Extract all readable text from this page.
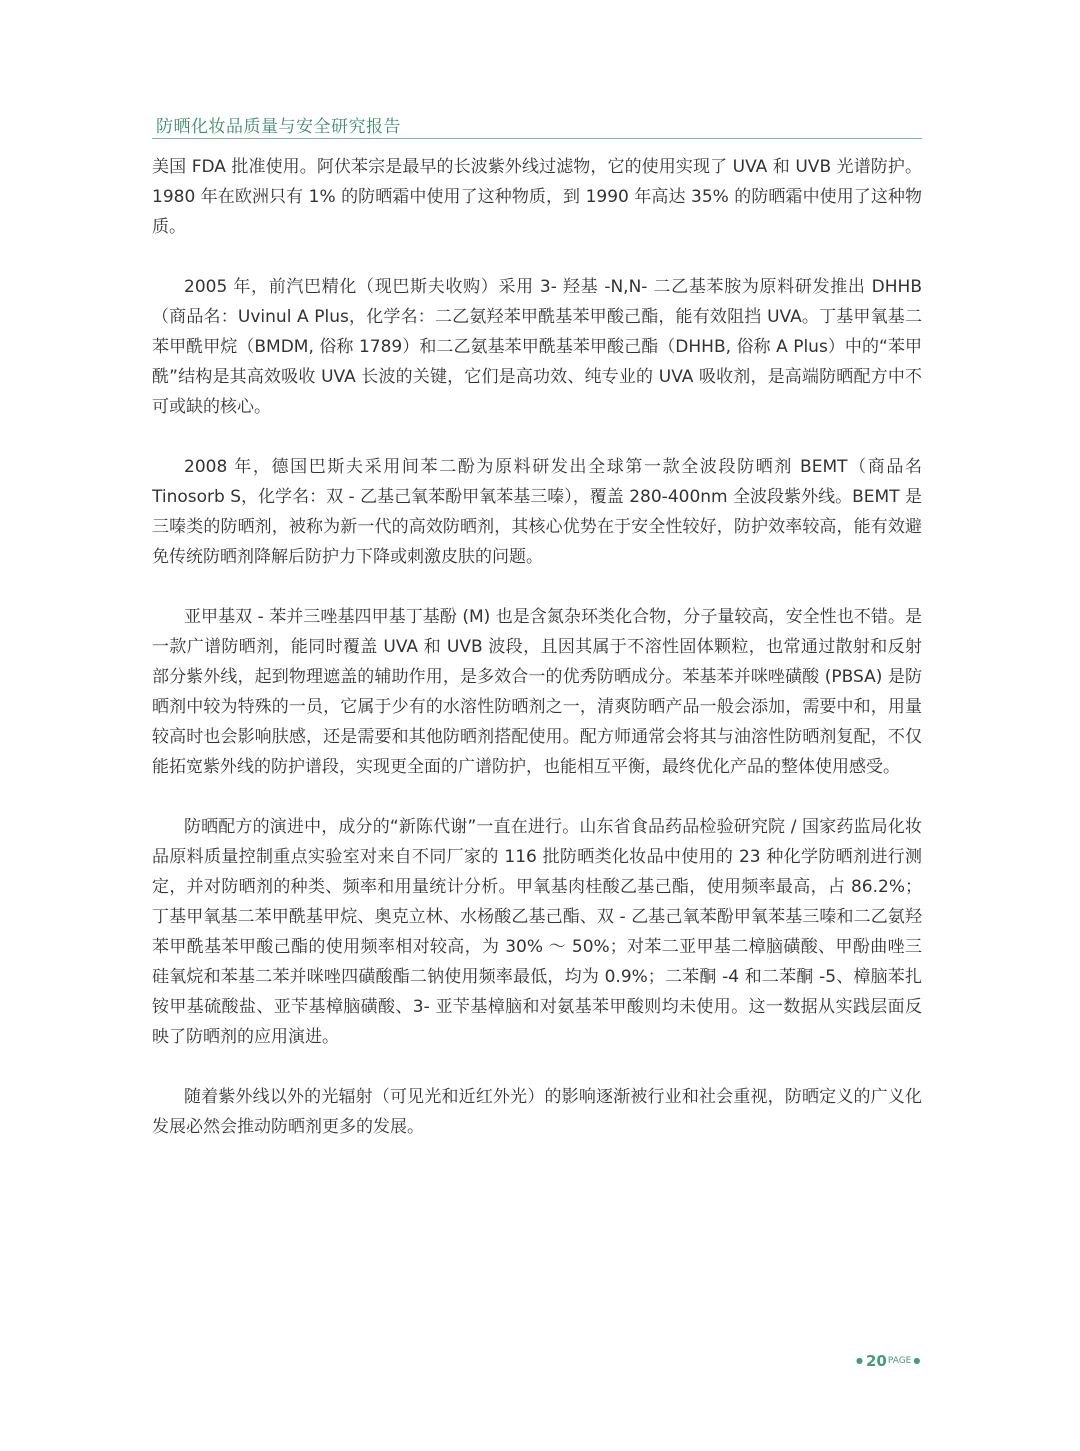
防晒化妆品质量与安全研究报告

美国 FDA 批准使用。阿伏苯宗是最早的长波紫外线过滤物，它的使用实现了 UVA 和 UVB 光谱防护。1980 年在欧洲只有 1% 的防晒霜中使用了这种物质，到 1990 年高达 35% 的防晒霜中使用了这种物质。

2005 年，前汽巴精化（现巴斯夫收购）采用 3- 羟基 -N,N- 二乙基苯胺为原料研发推出 DHHB（商品名：Uvinul A Plus，化学名：二乙氨羟苯甲酰基苯甲酸己酯，能有效阻挡 UVA。丁基甲氧基二苯甲酰甲烷（BMDM, 俗称 1789）和二乙氨基苯甲酰基苯甲酸己酯（DHHB, 俗称 A Plus）中的“苯甲酰”结构是其高效吸收 UVA 长波的关键，它们是高功效、纯专业的 UVA 吸收剂，是高端防晒配方中不可或缺的核心。

2008 年，德国巴斯夫采用间苯二酚为原料研发出全球第一款全波段防晒剂 BEMT（商品名 Tinosorb S，化学名：双 - 乙基己氧苯酚甲氧苯基三嗪），覆盖 280-400nm 全波段紫外线。BEMT 是三嗪类的防晒剂，被称为新一代的高效防晒剂，其核心优势在于安全性较好，防护效率较高，能有效避免传统防晒剂降解后防护力下降或刺激皮肤的问题。

亚甲基双 - 苯并三唑基四甲基丁基酚 (M) 也是含氮杂环类化合物，分子量较高，安全性也不错。是一款广谱防晒剂，能同时覆盖 UVA 和 UVB 波段，且因其属于不溶性固体颗粒，也常通过散射和反射部分紫外线，起到物理遮盖的辅助作用，是多效合一的优秀防晒成分。苯基苯并咪唑磺酸 (PBSA) 是防晒剂中较为特殊的一员，它属于少有的水溶性防晒剂之一，清爽防晒产品一般会添加，需要中和，用量较高时也会影响肤感，还是需要和其他防晒剂搭配使用。配方师通常会将其与油溶性防晒剂复配，不仅能拓宽紫外线的防护谱段，实现更全面的广谱防护，也能相互平衡，最终优化产品的整体使用感受。

防晒配方的演进中，成分的“新陈代谢”一直在进行。山东省食品药品检验研究院 / 国家药监局化妆品原料质量控制重点实验室对来自不同厂家的 116 批防晒类化妆品中使用的 23 种化学防晒剂进行测定，并对防晒剂的种类、频率和用量统计分析。甲氧基肉桂酸乙基己酯，使用频率最高，占 86.2%；丁基甲氧基二苯甲酰基甲烷、奥克立林、水杨酸乙基己酯、双 - 乙基己氧苯酚甲氧苯基三嗪和二乙氨羟苯甲酰基苯甲酸己酯的使用频率相对较高，为 30% ～ 50%；对苯二亚甲基二樟脑磺酸、甲酚曲唑三硅氧烷和苯基二苯并咪唑四磺酸酯二钠使用频率最低，均为 0.9%；二苯酮 -4 和二苯酮 -5、樟脑苯扎铵甲基硫酸盐、亚苄基樟脑磺酸、3- 亚苄基樟脑和对氨基苯甲酸则均未使用。这一数据从实践层面反映了防晒剂的应用演进。

随着紫外线以外的光辐射（可见光和近红外光）的影响逐渐被行业和社会重视，防晒定义的广义化发展必然会推动防晒剂更多的发展。

● 20 PAGE ●
